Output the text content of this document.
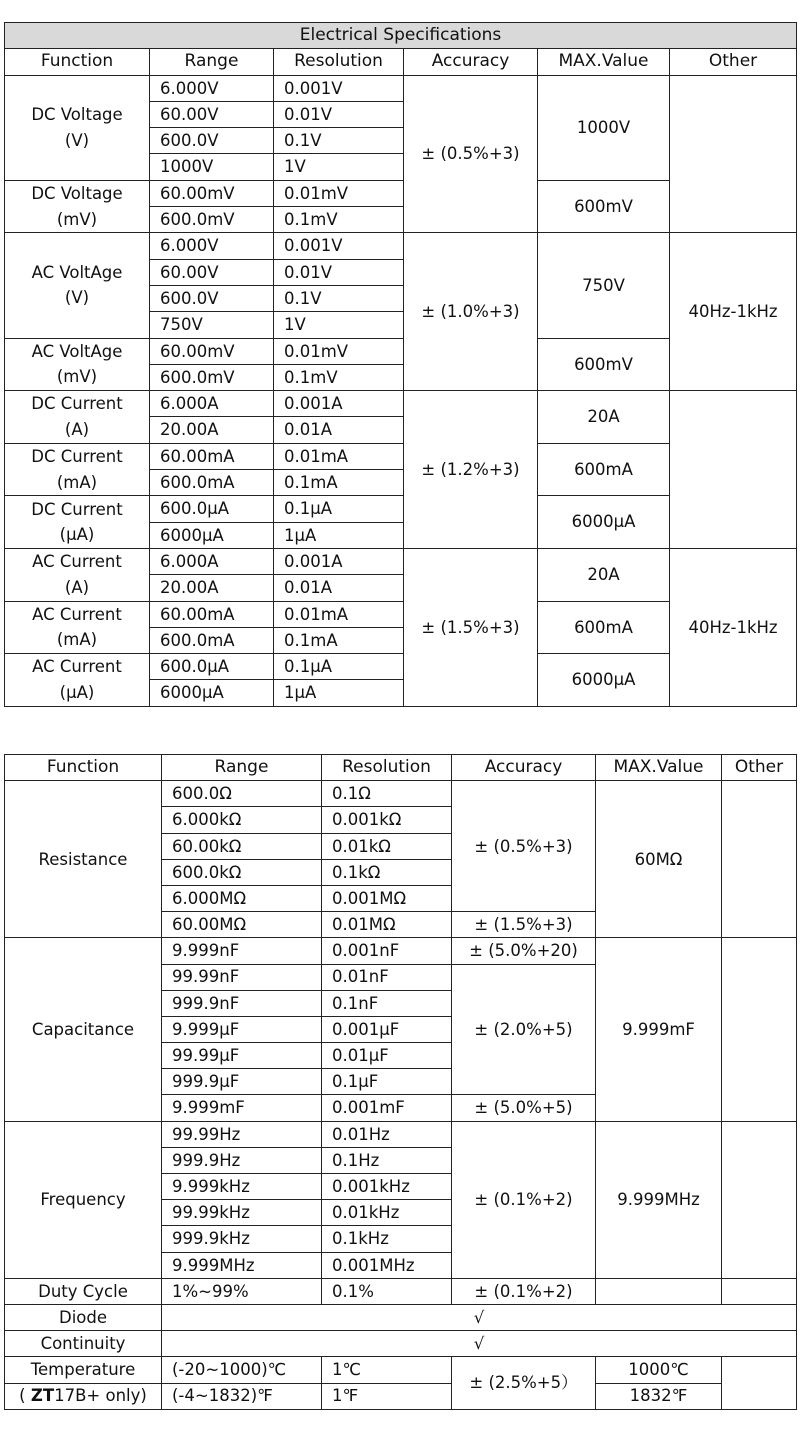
Electrical Specifications					
Function	Range	Resolution	Accuracy	MAX.Value	Other
DC Voltage
(V)	6.000V	0.001V	± (0.5%+3)	1000V	
	60.00V	0.01V			
	600.0V	0.1V			
	1000V	1V			
DC Voltage
(mV)	60.00mV	0.01mV		600mV	
	600.0mV	0.1mV			
AC VoltAge
(V)	6.000V	0.001V	± (1.0%+3)	750V	40Hz-1kHz
	60.00V	0.01V			
	600.0V	0.1V			
	750V	1V			
AC VoltAge
(mV)	60.00mV	0.01mV		600mV	
	600.0mV	0.1mV			
DC Current
(A)	6.000A	0.001A	± (1.2%+3)	20A	
	20.00A	0.01A			
DC Current
(mA)	60.00mA	0.01mA		600mA	
	600.0mA	0.1mA			
DC Current
(µA)	600.0µA	0.1µA		6000µA	
	6000µA	1µA			
AC Current
(A)	6.000A	0.001A	± (1.5%+3)	20A	40Hz-1kHz
	20.00A	0.01A			
AC Current
(mA)	60.00mA	0.01mA		600mA	
	600.0mA	0.1mA			
AC Current
(µA)	600.0µA	0.1µA		6000µA	
	6000µA	1µA			
Function	Range	Resolution	Accuracy	MAX.Value	Other
Resistance	600.0Ω	0.1Ω	± (0.5%+3)	60MΩ	
	6.000kΩ	0.001kΩ			
	60.00kΩ	0.01kΩ			
	600.0kΩ	0.1kΩ			
	6.000MΩ	0.001MΩ			
	60.00MΩ	0.01MΩ	± (1.5%+3)		
Capacitance	9.999nF	0.001nF	± (5.0%+20)	9.999mF	
	99.99nF	0.01nF	± (2.0%+5)		
	999.9nF	0.1nF			
	9.999µF	0.001µF			
	99.99µF	0.01µF			
	999.9µF	0.1µF			
	9.999mF	0.001mF	± (5.0%+5)		
Frequency	99.99Hz	0.01Hz	± (0.1%+2)	9.999MHz	
	999.9Hz	0.1Hz			
	9.999kHz	0.001kHz			
	99.99kHz	0.01kHz			
	999.9kHz	0.1kHz			
	9.999MHz	0.001MHz			
Duty Cycle	1%~99%	0.1%	± (0.1%+2)		
Diode	√				
Continuity	√				
Temperature	(-20~1000)℃	1℃	± (2.5%+5）	1000℃	
( ZT17B+ only)	(-4~1832)℉	1℉		1832℉	
